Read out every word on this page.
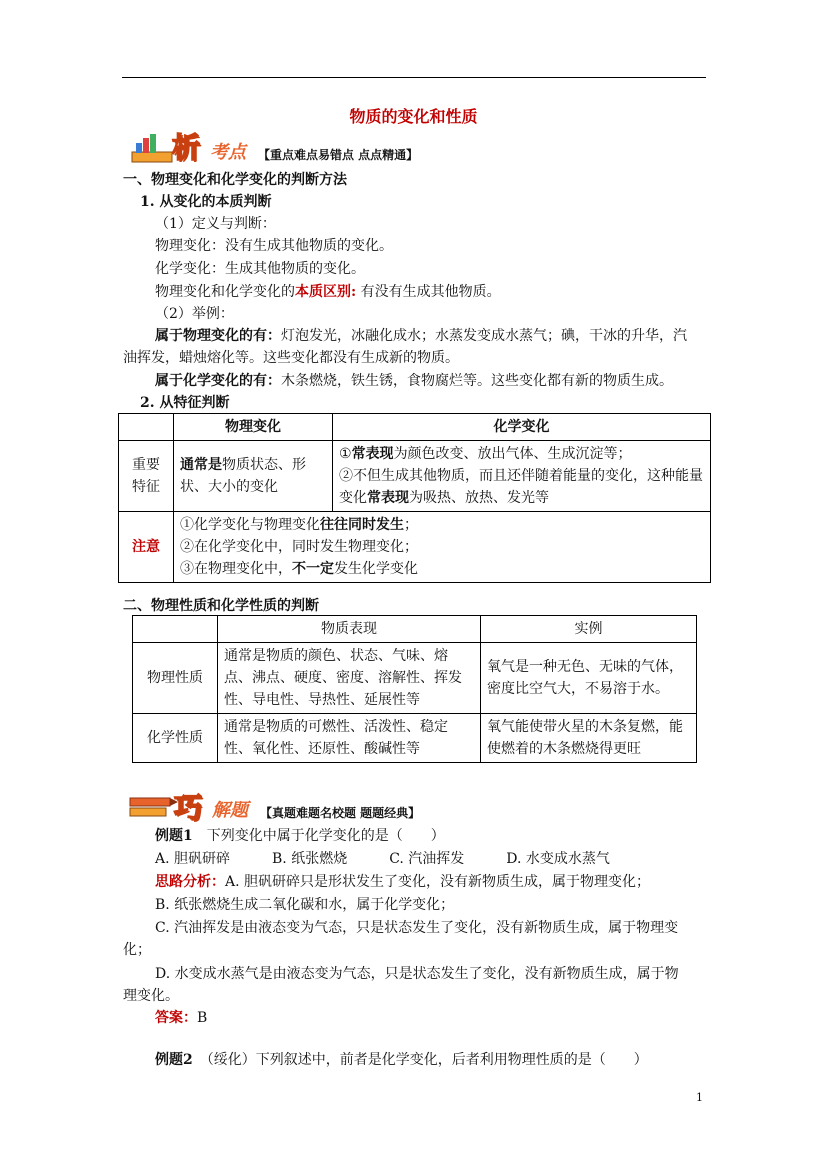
物质的变化和性质
析 考点 【重点难点易错点 点点精通】
一、物理变化和化学变化的判断方法
1. 从变化的本质判断
（1）定义与判断：
物理变化：没有生成其他物质的变化。
化学变化：生成其他物质的变化。
物理变化和化学变化的本质区别: 有没有生成其他物质。
（2）举例：
属于物理变化的有：灯泡发光，冰融化成水；水蒸发变成水蒸气；碘，干冰的升华，汽
油挥发，蜡烛熔化等。这些变化都没有生成新的物质。
属于化学变化的有：木条燃烧，铁生锈，食物腐烂等。这些变化都有新的物质生成。
2. 从特征判断
	物理变化	化学变化
重要
特征	通常是物质状态、形状、大小的变化	①常表现为颜色改变、放出气体、生成沉淀等；
②不但生成其他物质，而且还伴随着能量的变化，这种能量变化常表现为吸热、放热、发光等
注意	①化学变化与物理变化往往同时发生；
②在化学变化中，同时发生物理变化；
③在物理变化中，不一定发生化学变化	
二、物理性质和化学性质的判断
	物质表现	实例
物理性质	通常是物质的颜色、状态、气味、熔点、沸点、硬度、密度、溶解性、挥发性、导电性、导热性、延展性等	氧气是一种无色、无味的气体，密度比空气大，不易溶于水。
化学性质	通常是物质的可燃性、活泼性、稳定性、氧化性、还原性、酸碱性等	氧气能使带火星的木条复燃，能使燃着的木条燃烧得更旺
巧 解题 【真题难题名校题 题题经典】
例题1　 下列变化中属于化学变化的是（　　）
A. 胆矾研碎　　　B. 纸张燃烧　　　C. 汽油挥发　　　D. 水变成水蒸气
思路分析：A. 胆矾研碎只是形状发生了变化，没有新物质生成，属于物理变化；
B. 纸张燃烧生成二氧化碳和水，属于化学变化；
C. 汽油挥发是由液态变为气态，只是状态发生了变化，没有新物质生成，属于物理变
化；
D. 水变成水蒸气是由液态变为气态，只是状态发生了变化，没有新物质生成，属于物
理变化。
答案：B
例题2　 （绥化）下列叙述中，前者是化学变化，后者利用物理性质的是（　　）
1
